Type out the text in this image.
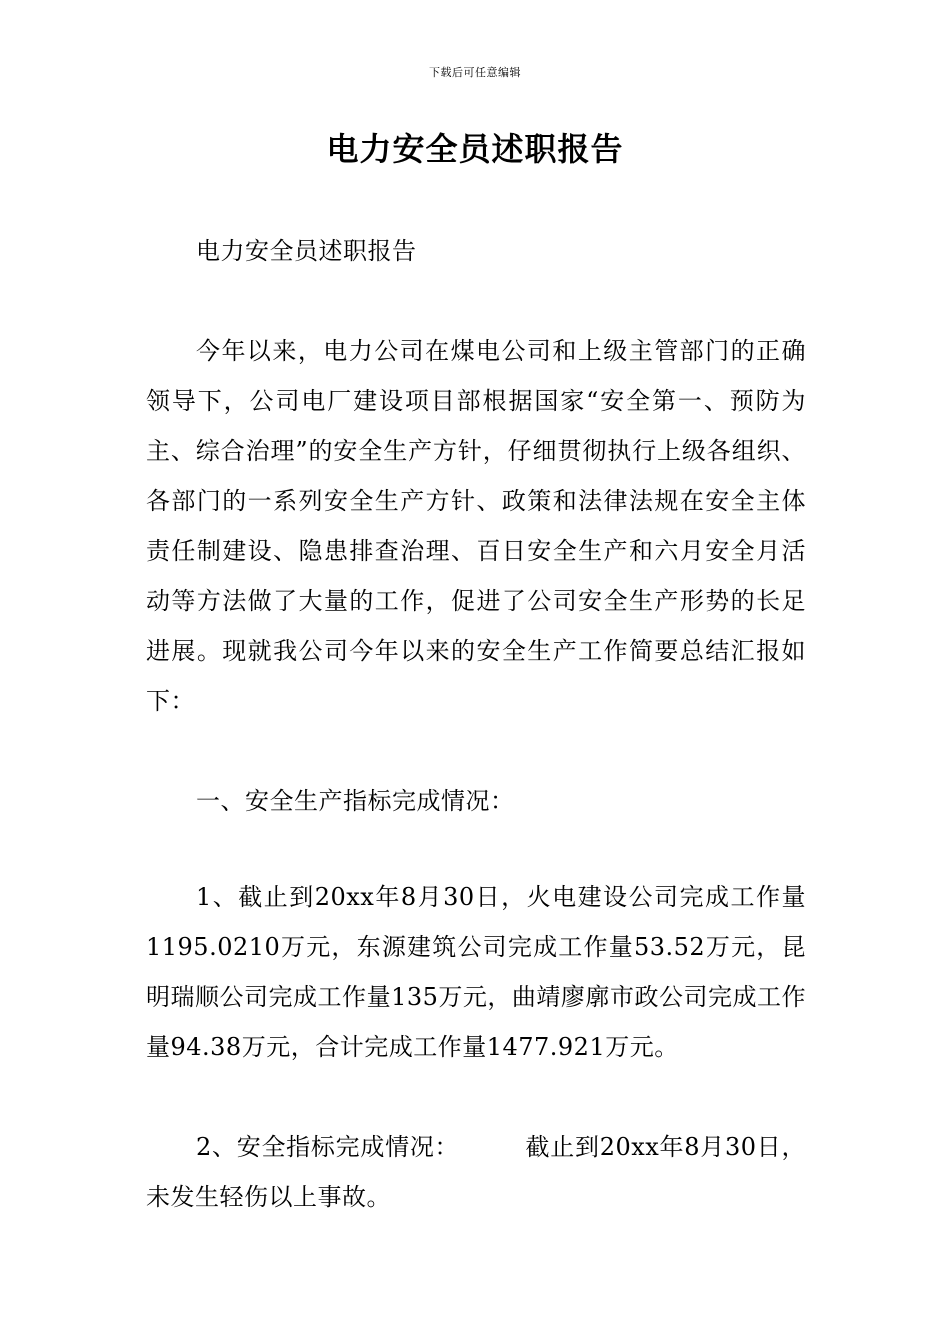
下载后可任意编辑
电力安全员述职报告
电力安全员述职报告
今年以来，电力公司在煤电公司和上级主管部门的正确领导下，公司电厂建设项目部根据国家“安全第一、预防为主、综合治理”的安全生产方针，仔细贯彻执行上级各组织、各部门的一系列安全生产方针、政策和法律法规在安全主体责任制建设、隐患排查治理、百日安全生产和六月安全月活动等方法做了大量的工作，促进了公司安全生产形势的长足进展。现就我公司今年以来的安全生产工作简要总结汇报如下：
一、安全生产指标完成情况：
1、截止到20xx年8月30日，火电建设公司完成工作量1195.0210万元，东源建筑公司完成工作量53.52万元，昆明瑞顺公司完成工作量135万元，曲靖廖廓市政公司完成工作量94.38万元，合计完成工作量1477.921万元。
2、安全指标完成情况：	截止到20xx年8月30日，未发生轻伤以上事故。
